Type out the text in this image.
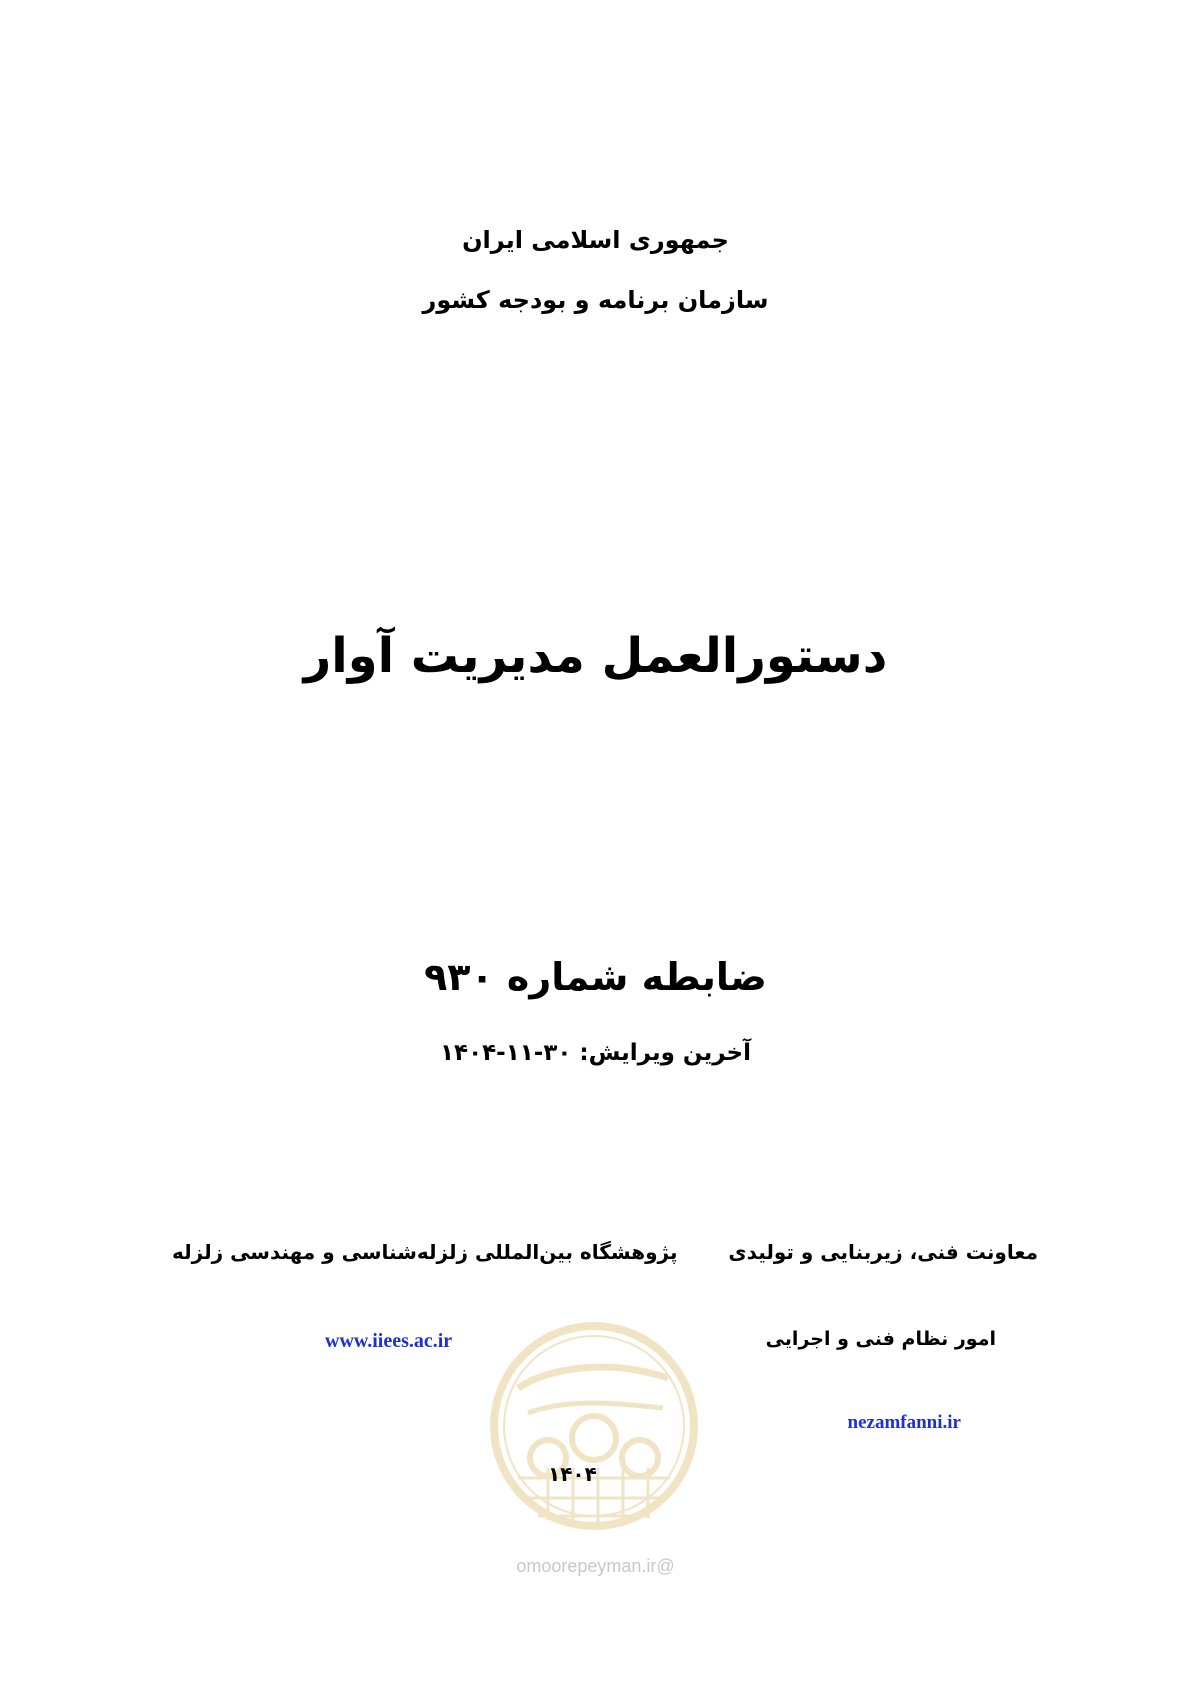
جمهوری اسلامی ایران
سازمان برنامه و بودجه کشور
دستورالعمل مدیریت آوار
ضابطه شماره ۹۳۰
آخرین ویرایش: ۳۰-۱۱-۱۴۰۴
معاونت فنی، زیربنایی و تولیدی
پژوهشگاه بین‌المللی زلزله‌شناسی و مهندسی زلزله
امور نظام فنی و اجرایی
www.iiees.ac.ir
nezamfanni.ir
۱۴۰۴
@omoorepeyman.ir
